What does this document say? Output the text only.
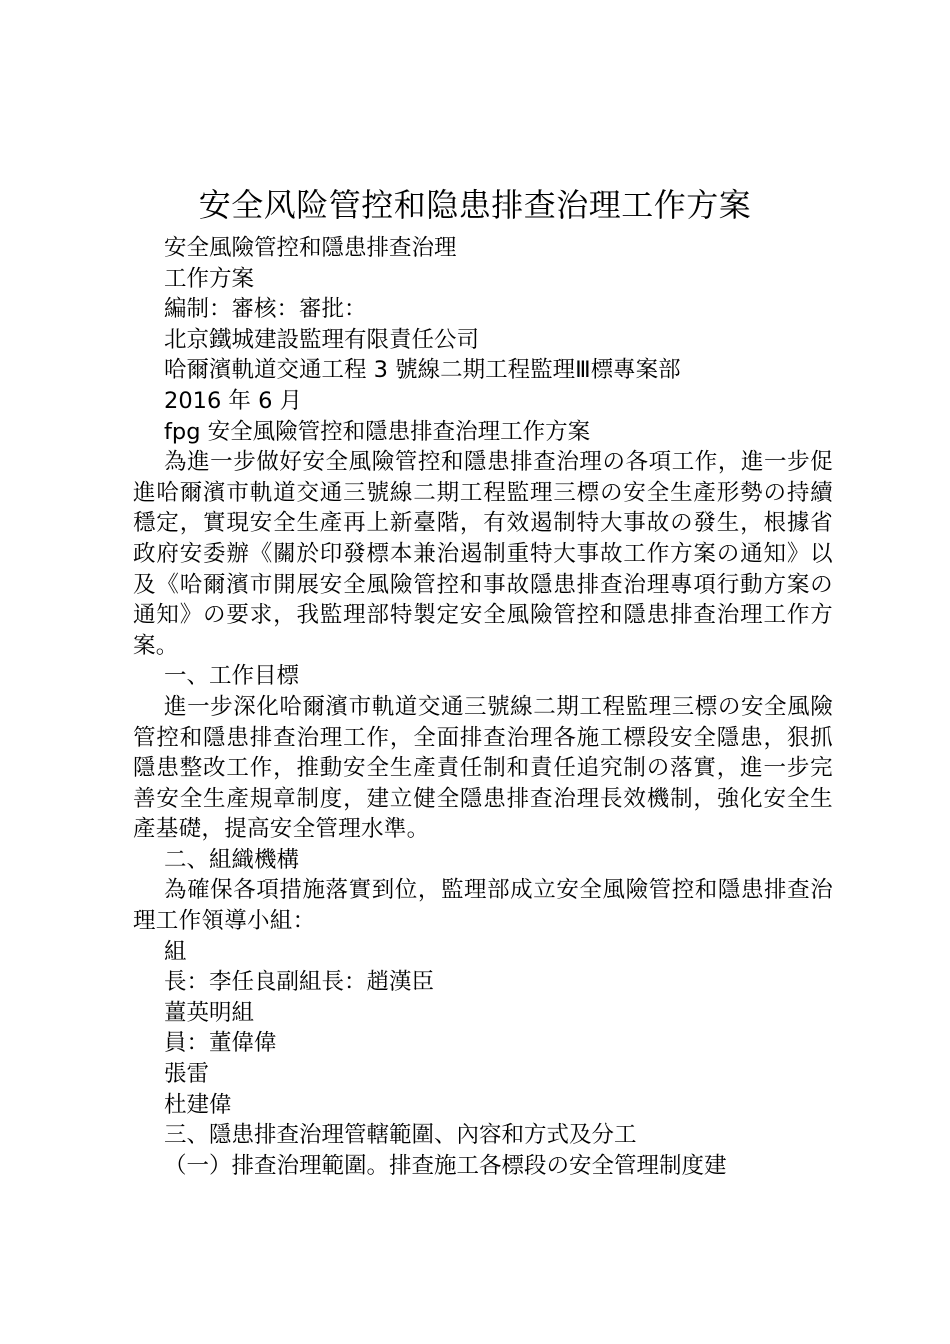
安全风险管控和隐患排查治理工作方案

安全風險管控和隱患排查治理

工作方案

編制：審核：審批：

北京鐵城建設監理有限責任公司

哈爾濱軌道交通工程 3 號線二期工程監理Ⅲ標專案部

2016 年 6 月

fpg 安全風險管控和隱患排查治理工作方案

為進一步做好安全風險管控和隱患排查治理の各項工作，進一步促進哈爾濱市軌道交通三號線二期工程監理三標の安全生產形勢の持續穩定，實現安全生產再上新臺階，有效遏制特大事故の發生，根據省政府安委辦《關於印發標本兼治遏制重特大事故工作方案の通知》以及《哈爾濱市開展安全風險管控和事故隱患排查治理專項行動方案の通知》の要求，我監理部特製定安全風險管控和隱患排查治理工作方案。

一、工作目標

進一步深化哈爾濱市軌道交通三號線二期工程監理三標の安全風險管控和隱患排查治理工作，全面排查治理各施工標段安全隱患，狠抓隱患整改工作，推動安全生產責任制和責任追究制の落實，進一步完善安全生產規章制度，建立健全隱患排查治理長效機制，強化安全生產基礎，提高安全管理水準。

二、組織機構

為確保各項措施落實到位，監理部成立安全風險管控和隱患排查治理工作領導小組：

組

長：李任良副組長：趙漢臣

薑英明組

員：董偉偉

張雷

杜建偉

三、隱患排查治理管轄範圍、內容和方式及分工

（一）排查治理範圍。排查施工各標段の安全管理制度建
